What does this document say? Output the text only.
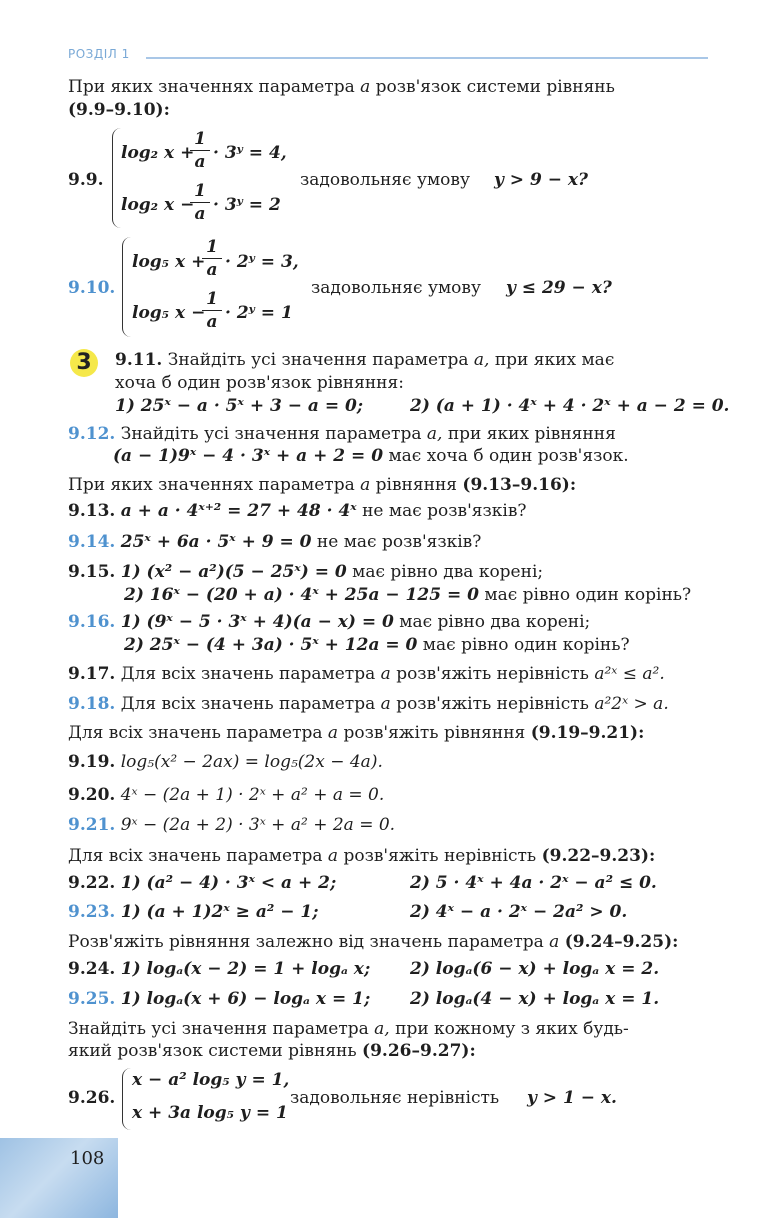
РОЗДІЛ 1
При яких значеннях параметра a розв'язок системи рівнянь
(9.9–9.10):
9.9.
log₂ x +
$\frac{1}{a}$ · 3ʸ = 4,
log₂ x −
$\frac{1}{a}$ · 3ʸ = 2
задовольняє умову y > 9 − x?
9.10.
log₅ x +
$\frac{1}{a}$ · 2ʸ = 3,
log₅ x −
$\frac{1}{a}$ · 2ʸ = 1
задовольняє умову y ≤ 29 − x?
3	9.11. Знайдіть усі значення параметра a, при яких має
хоча б один розв'язок рівняння:
1) 25ˣ − a · 5ˣ + 3 − a = 0;	2) (a + 1) · 4ˣ + 4 · 2ˣ + a − 2 = 0.
9.12. Знайдіть усі значення параметра a, при яких рівняння
(a − 1)9ˣ − 4 · 3ˣ + a + 2 = 0 має хоча б один розв'язок.
При яких значеннях параметра a рівняння (9.13–9.16):
9.13. a + a · 4ˣ⁺² = 27 + 48 · 4ˣ не має розв'язків?
9.14. 25ˣ + 6a · 5ˣ + 9 = 0 не має розв'язків?
9.15. 1) (x² − a²)(5 − 25ˣ) = 0 має рівно два корені;
2) 16ˣ − (20 + a) · 4ˣ + 25a − 125 = 0 має рівно один корінь?
9.16. 1) (9ˣ − 5 · 3ˣ + 4)(a − x) = 0 має рівно два корені;
2) 25ˣ − (4 + 3a) · 5ˣ + 12a = 0 має рівно один корінь?
9.17. Для всіх значень параметра a розв'яжіть нерівність a²ˣ ≤ a².
9.18. Для всіх значень параметра a розв'яжіть нерівність a²2ˣ > a.
Для всіх значень параметра a розв'яжіть рівняння (9.19–9.21):
9.19. log₅(x² − 2ax) = log₅(2x − 4a).
9.20. 4ˣ − (2a + 1) · 2ˣ + a² + a = 0.
9.21. 9ˣ − (2a + 2) · 3ˣ + a² + 2a = 0.
Для всіх значень параметра a розв'яжіть нерівність (9.22–9.23):
9.22. 1) (a² − 4) · 3ˣ < a + 2;	2) 5 · 4ˣ + 4a · 2ˣ − a² ≤ 0.
9.23. 1) (a + 1)2ˣ ≥ a² − 1;	2) 4ˣ − a · 2ˣ − 2a² > 0.
Розв'яжіть рівняння залежно від значень параметра a (9.24–9.25):
9.24. 1) logₐ(x − 2) = 1 + logₐ x; 2) logₐ(6 − x) + logₐ x = 2.
9.25. 1) logₐ(x + 6) − logₐ x = 1; 2) logₐ(4 − x) + logₐ x = 1.
Знайдіть усі значення параметра a, при кожному з яких будь-
який розв'язок системи рівнянь (9.26–9.27):
9.26.
x − a² log₅ y = 1,
x + 3a log₅ y = 1
задовольняє нерівність y > 1 − x.
108
